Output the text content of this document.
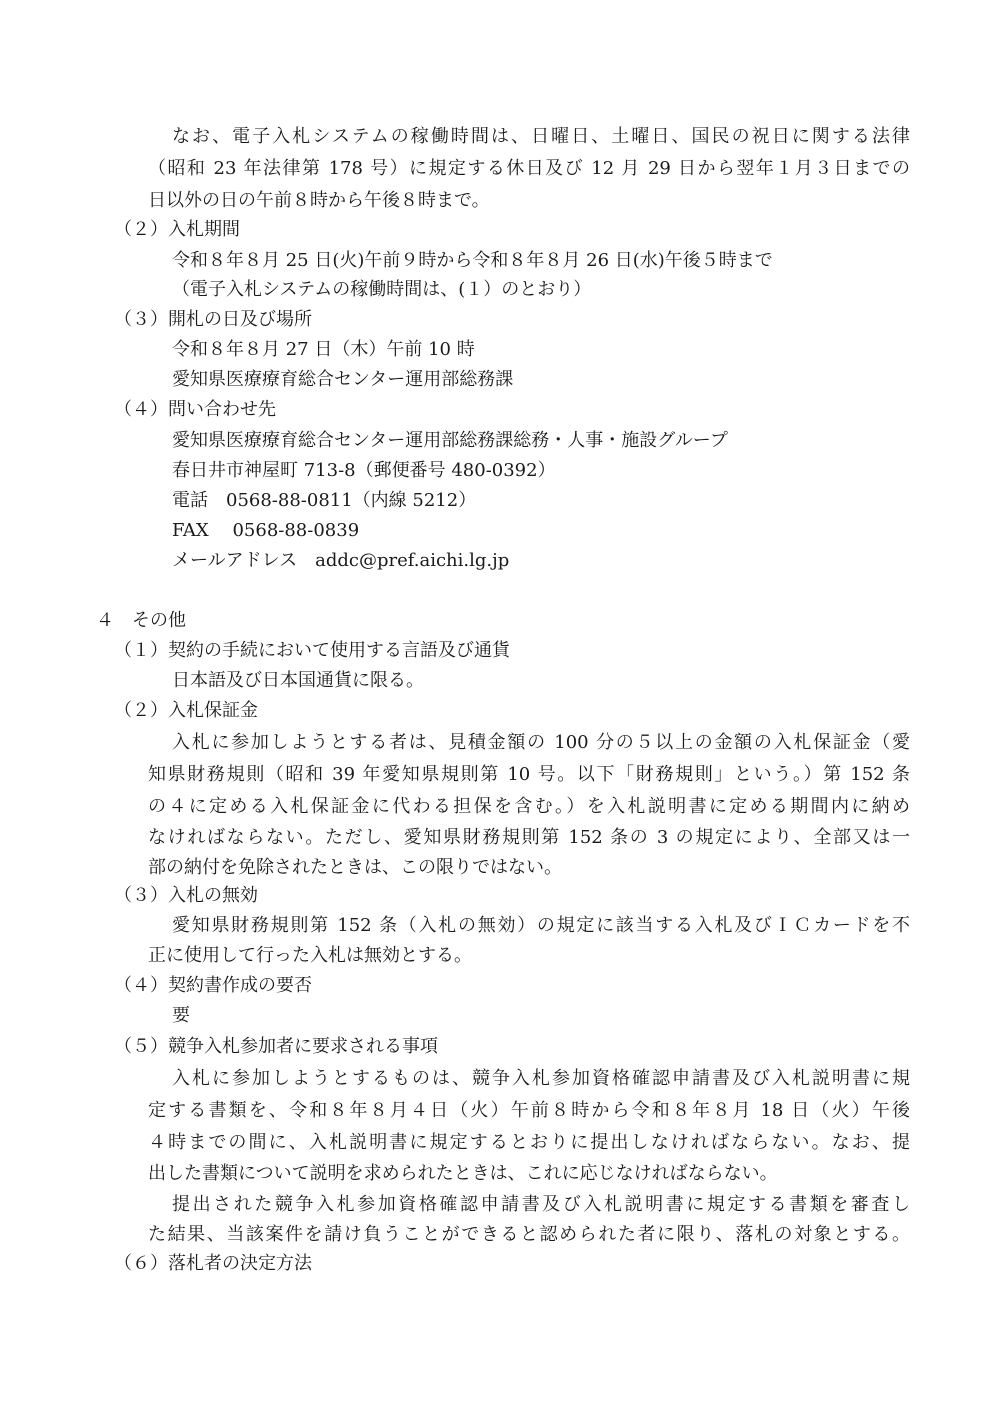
なお、電子入札システムの稼働時間は、日曜日、土曜日、国民の祝日に関する法律
（昭和 23 年法律第 178 号）に規定する休日及び 12 月 29 日から翌年１月３日までの
日以外の日の午前８時から午後８時まで。
（２）入札期間
令和８年８月 25 日(火)午前９時から令和８年８月 26 日(水)午後５時まで
（電子入札システムの稼働時間は、(１）のとおり）
（３）開札の日及び場所
令和８年８月 27 日（木）午前 10 時
愛知県医療療育総合センター運用部総務課
（４）問い合わせ先
愛知県医療療育総合センター運用部総務課総務・人事・施設グループ
春日井市神屋町 713-8（郵便番号 480-0392）
電話　0568-88-0811（内線 5212）
FAX　 0568-88-0839
メールアドレス　addc@pref.aichi.lg.jp
４　その他
（１）契約の手続において使用する言語及び通貨
日本語及び日本国通貨に限る。
（２）入札保証金
入札に参加しようとする者は、見積金額の 100 分の５以上の金額の入札保証金（愛
知県財務規則（昭和 39 年愛知県規則第 10 号。以下「財務規則」という。）第 152 条
の４に定める入札保証金に代わる担保を含む。）を入札説明書に定める期間内に納め
なければならない。ただし、愛知県財務規則第 152 条の 3 の規定により、全部又は一
部の納付を免除されたときは、この限りではない。
（３）入札の無効
愛知県財務規則第 152 条（入札の無効）の規定に該当する入札及びＩＣカードを不
正に使用して行った入札は無効とする。
（４）契約書作成の要否
要
（５）競争入札参加者に要求される事項
入札に参加しようとするものは、競争入札参加資格確認申請書及び入札説明書に規
定する書類を、令和８年８月４日（火）午前８時から令和８年８月 18 日（火）午後
４時までの間に、入札説明書に規定するとおりに提出しなければならない。なお、提
出した書類について説明を求められたときは、これに応じなければならない。
提出された競争入札参加資格確認申請書及び入札説明書に規定する書類を審査し
た結果、当該案件を請け負うことができると認められた者に限り、落札の対象とする。
（６）落札者の決定方法
